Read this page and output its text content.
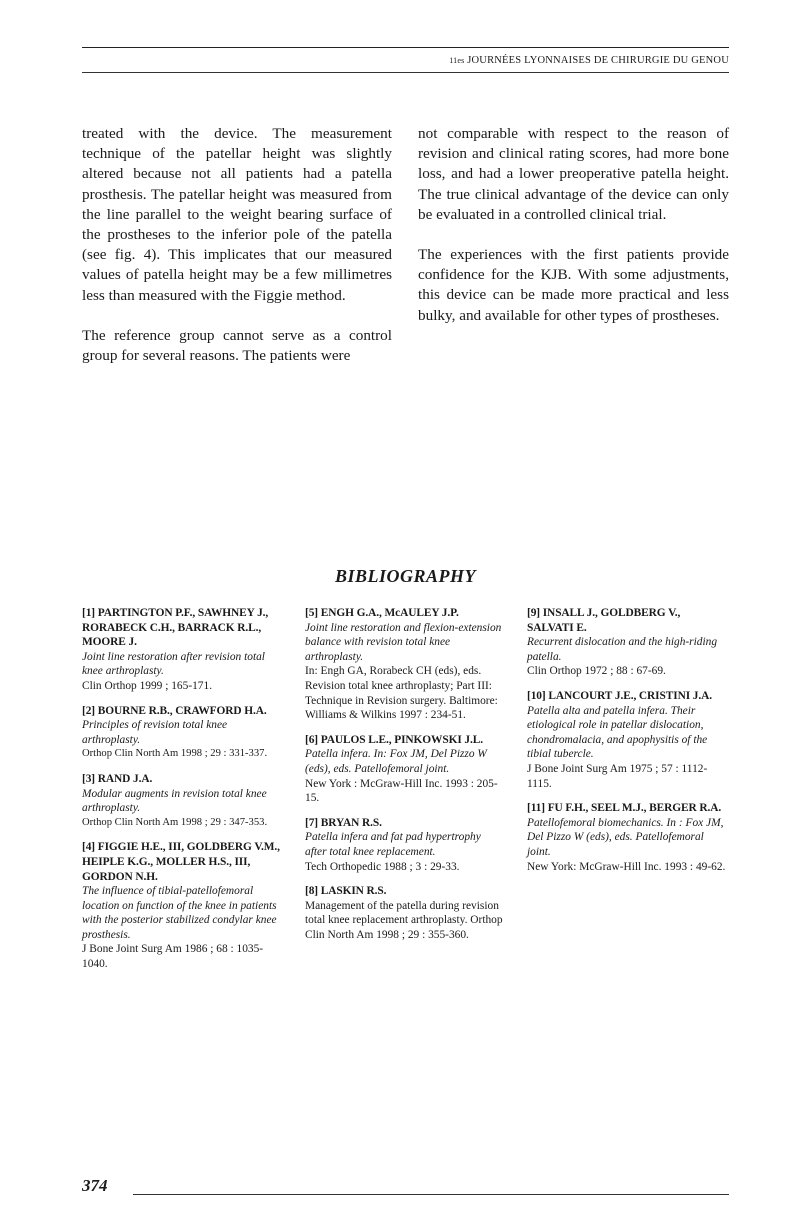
11es JOURNÉES LYONNAISES DE CHIRURGIE DU GENOU

treated with the device. The measurement technique of the patellar height was slightly altered because not all patients had a patella prosthesis. The patellar height was measured from the line parallel to the weight bearing surface of the prostheses to the inferior pole of the patella (see fig. 4). This implicates that our measured values of patella height may be a few millimetres less than measured with the Figgie method.

The reference group cannot serve as a control group for several reasons. The patients were

not comparable with respect to the reason of revision and clinical rating scores, had more bone loss, and had a lower preoperative patella height. The true clinical advantage of the device can only be evaluated in a controlled clinical trial.

The experiences with the first patients provide confidence for the KJB. With some adjustments, this device can be made more practical and less bulky, and available for other types of prostheses.

BIBLIOGRAPHY
[1] PARTINGTON P.F., SAWHNEY J., RORABECK C.H., BARRACK R.L., MOORE J.
Joint line restoration after revision total knee arthroplasty.
Clin Orthop 1999 ; 165-171.
[2] BOURNE R.B., CRAWFORD H.A.
Principles of revision total knee arthroplasty.
Orthop Clin North Am 1998 ; 29 : 331-337.
[3] RAND J.A.
Modular augments in revision total knee arthroplasty.
Orthop Clin North Am 1998 ; 29 : 347-353.
[4] FIGGIE H.E., III, GOLDBERG V.M., HEIPLE K.G., MOLLER H.S., III, GORDON N.H.
The influence of tibial-patellofemoral location on function of the knee in patients with the posterior stabilized condylar knee prosthesis.
J Bone Joint Surg Am 1986 ; 68 : 1035-1040.
[5] ENGH G.A., McAULEY J.P.
Joint line restoration and flexion-extension balance with revision total knee arthroplasty.
In: Engh GA, Rorabeck CH (eds), eds. Revision total knee arthroplasty; Part III: Technique in Revision surgery. Baltimore: Williams & Wilkins 1997 : 234-51.
[6] PAULOS L.E., PINKOWSKI J.L.
Patella infera. In: Fox JM, Del Pizzo W (eds), eds. Patellofemoral joint.
New York : McGraw-Hill Inc. 1993 : 205-15.
[7] BRYAN R.S.
Patella infera and fat pad hypertrophy after total knee replacement.
Tech Orthopedic 1988 ; 3 : 29-33.
[8] LASKIN R.S.
Management of the patella during revision total knee replacement arthroplasty. Orthop Clin North Am 1998 ; 29 : 355-360.
[9] INSALL J., GOLDBERG V., SALVATI E.
Recurrent dislocation and the high-riding patella.
Clin Orthop 1972 ; 88 : 67-69.
[10] LANCOURT J.E., CRISTINI J.A.
Patella alta and patella infera. Their etiological role in patellar dislocation, chondromalacia, and apophysitis of the tibial tubercle.
J Bone Joint Surg Am 1975 ; 57 : 1112-1115.
[11] FU F.H., SEEL M.J., BERGER R.A.
Patellofemoral biomechanics. In : Fox JM, Del Pizzo W (eds), eds. Patellofemoral joint.
New York: McGraw-Hill Inc. 1993 : 49-62.
374
